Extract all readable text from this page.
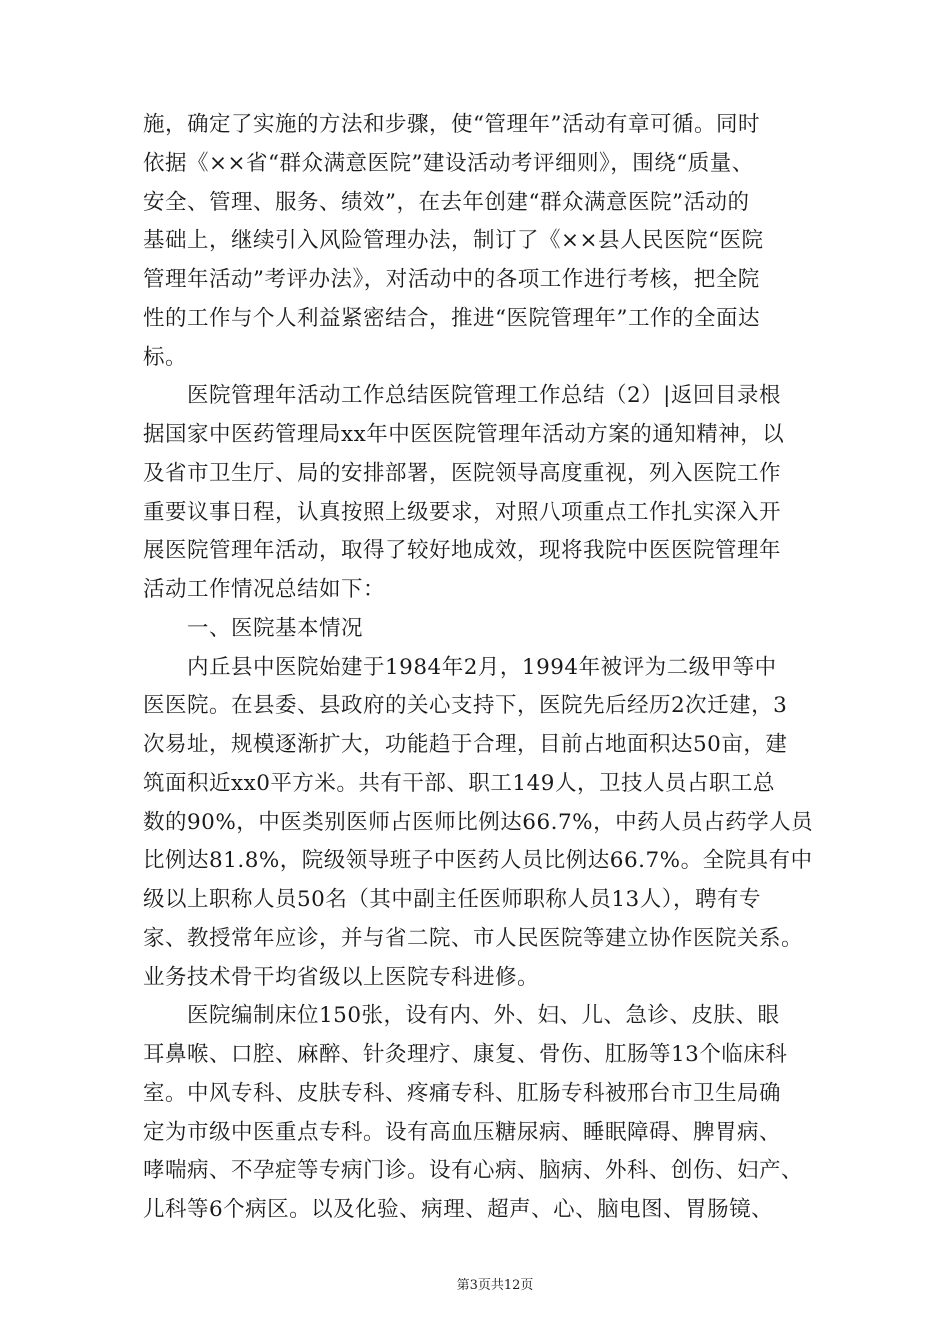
施，确定了实施的方法和步骤，使“管理年”活动有章可循。同时
依据《××省“群众满意医院”建设活动考评细则》，围绕“质量、
安全、管理、服务、绩效”，在去年创建“群众满意医院”活动的
基础上，继续引入风险管理办法，制订了《××县人民医院“医院
管理年活动”考评办法》，对活动中的各项工作进行考核，把全院
性的工作与个人利益紧密结合，推进“医院管理年”工作的全面达
标。
　　医院管理年活动工作总结医院管理工作总结（2）|返回目录根
据国家中医药管理局xx年中医医院管理年活动方案的通知精神，以
及省市卫生厅、局的安排部署，医院领导高度重视，列入医院工作
重要议事日程，认真按照上级要求，对照八项重点工作扎实深入开
展医院管理年活动，取得了较好地成效，现将我院中医医院管理年
活动工作情况总结如下：
　　一、医院基本情况
　　内丘县中医院始建于1984年2月，1994年被评为二级甲等中
医医院。在县委、县政府的关心支持下，医院先后经历2次迁建，3
次易址，规模逐渐扩大，功能趋于合理，目前占地面积达50亩，建
筑面积近xx0平方米。共有干部、职工149人，卫技人员占职工总
数的90%，中医类别医师占医师比例达66.7%，中药人员占药学人员
比例达81.8%，院级领导班子中医药人员比例达66.7%。全院具有中
级以上职称人员50名（其中副主任医师职称人员13人），聘有专
家、教授常年应诊，并与省二院、市人民医院等建立协作医院关系。
业务技术骨干均省级以上医院专科进修。
　　医院编制床位150张，设有内、外、妇、儿、急诊、皮肤、眼
耳鼻喉、口腔、麻醉、针灸理疗、康复、骨伤、肛肠等13个临床科
室。中风专科、皮肤专科、疼痛专科、肛肠专科被邢台市卫生局确
定为市级中医重点专科。设有高血压糖尿病、睡眠障碍、脾胃病、
哮喘病、不孕症等专病门诊。设有心病、脑病、外科、创伤、妇产、
儿科等6个病区。以及化验、病理、超声、心、脑电图、胃肠镜、
第3页共12页
